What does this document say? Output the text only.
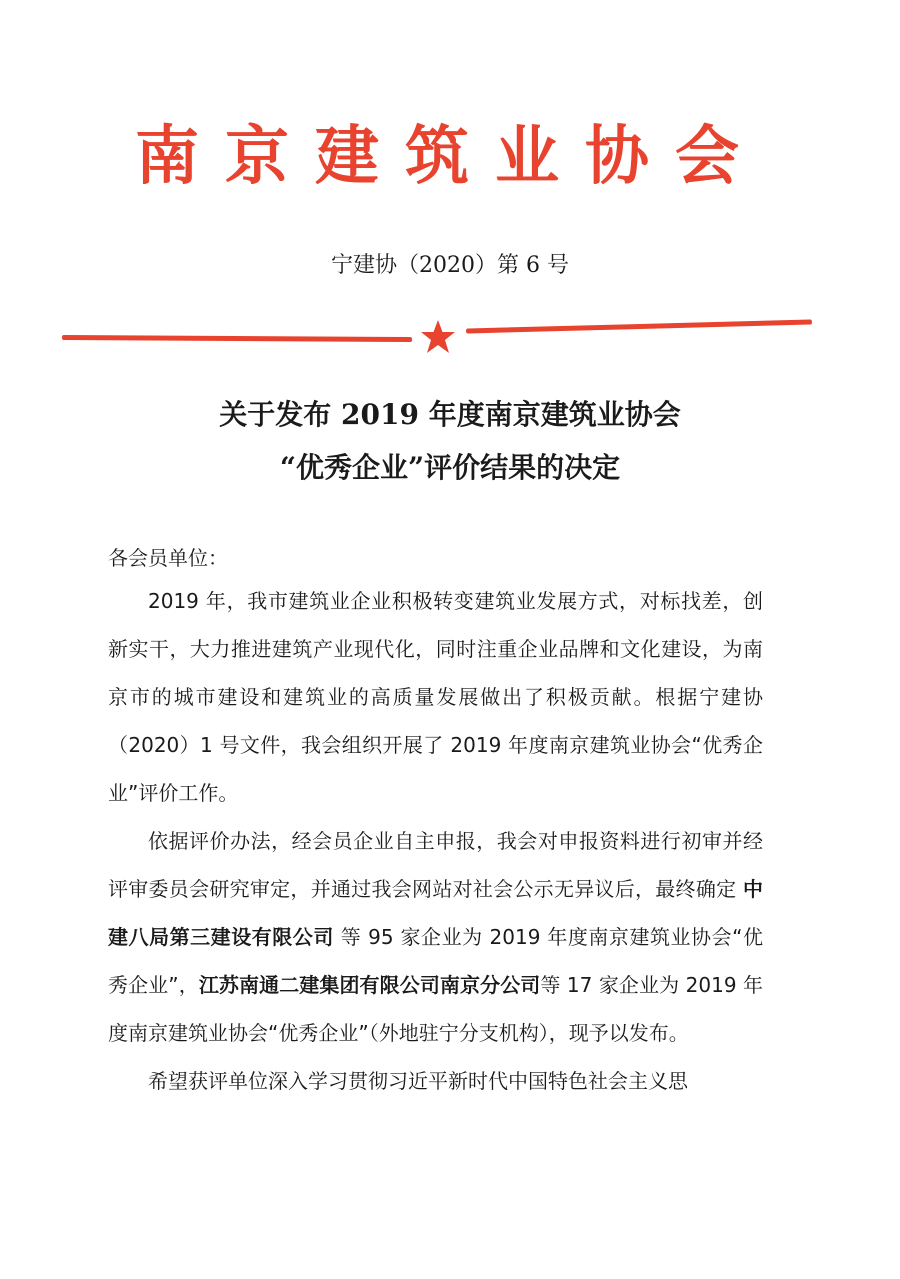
南京建筑业协会
宁建协（2020）第 6 号
关于发布 2019 年度南京建筑业协会
“优秀企业”评价结果的决定
各会员单位：

2019 年，我市建筑业企业积极转变建筑业发展方式，对标找差，创新实干，大力推进建筑产业现代化，同时注重企业品牌和文化建设，为南京市的城市建设和建筑业的高质量发展做出了积极贡献。根据宁建协（2020）1 号文件，我会组织开展了 2019 年度南京建筑业协会“优秀企业”评价工作。

依据评价办法，经会员企业自主申报，我会对申报资料进行初审并经评审委员会研究审定，并通过我会网站对社会公示无异议后，最终确定 中建八局第三建设有限公司 等 95 家企业为 2019 年度南京建筑业协会“优秀企业”，江苏南通二建集团有限公司南京分公司等 17 家企业为 2019 年度南京建筑业协会“优秀企业”（外地驻宁分支机构），现予以发布。

希望获评单位深入学习贯彻习近平新时代中国特色社会主义思
